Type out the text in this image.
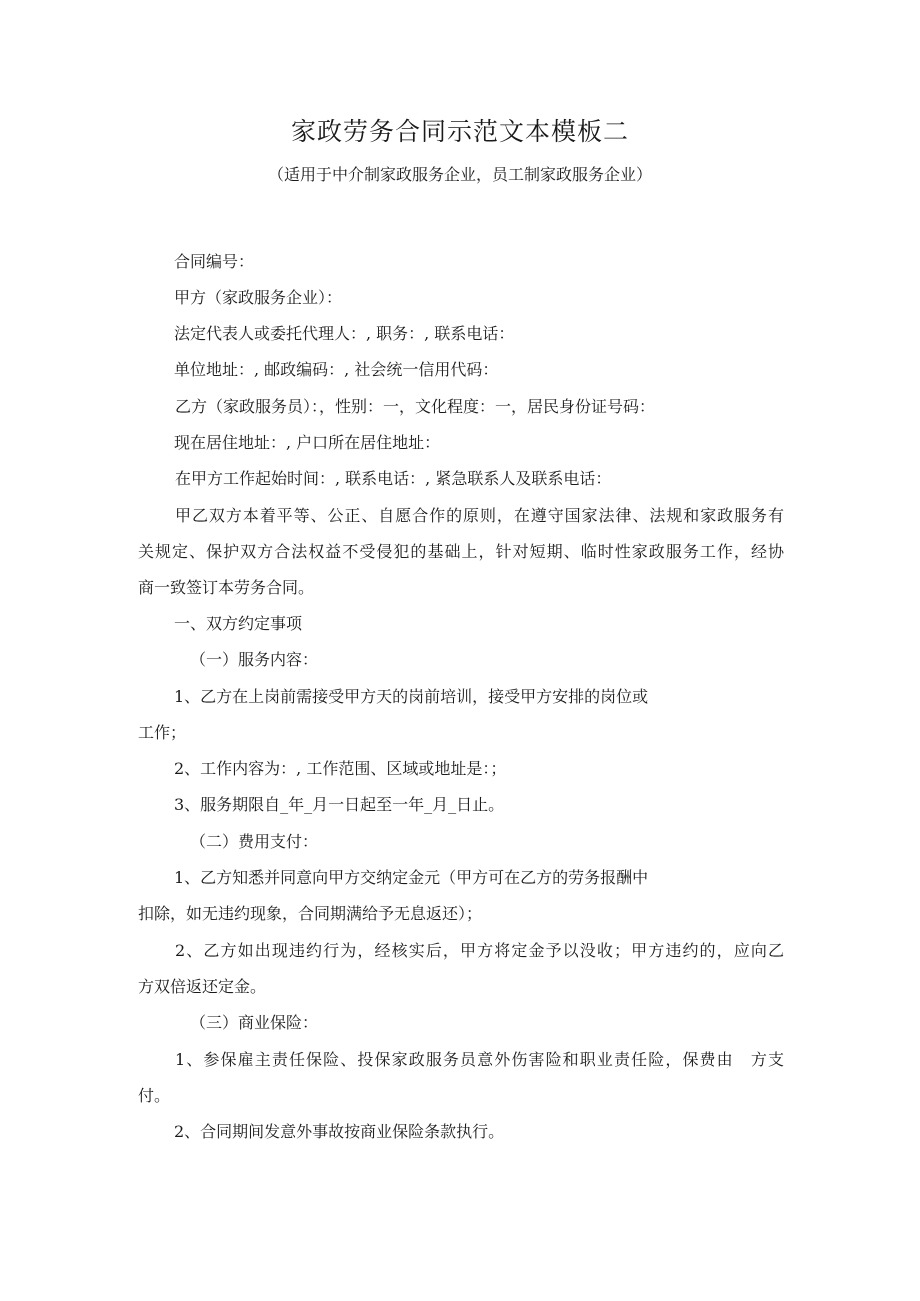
家政劳务合同示范文本模板二
（适用于中介制家政服务企业，员工制家政服务企业）
合同编号：
甲方（家政服务企业）：
法定代表人或委托代理人：, 职务：, 联系电话：
单位地址：, 邮政编码：, 社会统一信用代码：
乙方（家政服务员）：，性别：一，文化程度：一，居民身份证号码：
现在居住地址：, 户口所在居住地址：
在甲方工作起始时间：, 联系电话：, 紧急联系人及联系电话：
甲乙双方本着平等、公正、自愿合作的原则，在遵守国家法律、法规和家政服务有
关规定、保护双方合法权益不受侵犯的基础上，针对短期、临时性家政服务工作，经协
商一致签订本劳务合同。
一、双方约定事项
（一）服务内容：
1、乙方在上岗前需接受甲方天的岗前培训，接受甲方安排的岗位或
工作；
2、工作内容为：, 工作范围、区域或地址是：；
3、服务期限自_年_月一日起至一年_月_日止。
（二）费用支付：
1、乙方知悉并同意向甲方交纳定金元（甲方可在乙方的劳务报酬中
扣除，如无违约现象，合同期满给予无息返还）；
2、乙方如出现违约行为，经核实后，甲方将定金予以没收；甲方违约的，应向乙
方双倍返还定金。
（三）商业保险：
1、参保雇主责任保险、投保家政服务员意外伤害险和职业责任险，保费由　方支
付。
2、合同期间发意外事故按商业保险条款执行。
